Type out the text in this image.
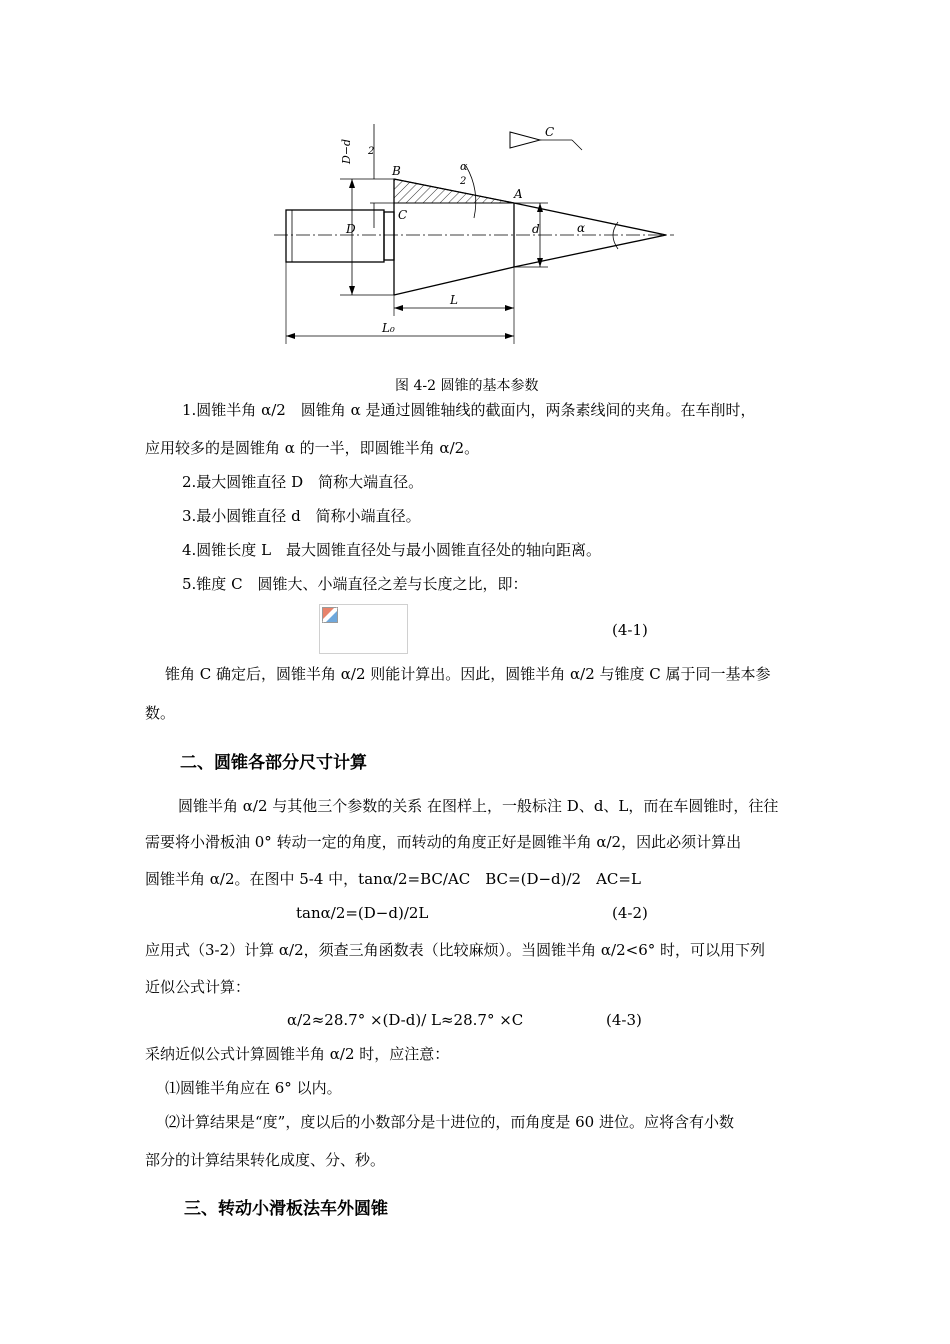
D−d 2
B
C
α
2
A
C
D	d	α
L
L₀
图 4-2 圆锥的基本参数
1.圆锥半角 α/2　圆锥角 α 是通过圆锥轴线的截面内，两条素线间的夹角。在车削时，
应用较多的是圆锥角 α 的一半，即圆锥半角 α/2。
2.最大圆锥直径 D　简称大端直径。
3.最小圆锥直径 d　简称小端直径。
4.圆锥长度 L　最大圆锥直径处与最小圆锥直径处的轴向距离。
5.锥度 C　圆锥大、小端直径之差与长度之比，即：
(4-1)
锥角 C 确定后，圆锥半角 α/2 则能计算出。因此，圆锥半角 α/2 与锥度 C 属于同一基本参
数。
二、圆锥各部分尺寸计算
圆锥半角 α/2 与其他三个参数的关系 在图样上，一般标注 D、d、L，而在车圆锥时，往往
需要将小滑板油 0° 转动一定的角度，而转动的角度正好是圆锥半角 α/2，因此必须计算出
圆锥半角 α/2。在图中 5-4 中，tanα/2=BC/AC　BC=(D−d)/2　AC=L
tanα/2=(D−d)/2L	(4-2)
应用式（3-2）计算 α/2，须查三角函数表（比较麻烦）。当圆锥半角 α/2<6° 时，可以用下列
近似公式计算：
α/2≈28.7° ×(D-d)/ L≈28.7° ×C	(4-3)
采纳近似公式计算圆锥半角 α/2 时，应注意：
⑴圆锥半角应在 6° 以内。
⑵计算结果是“度”，度以后的小数部分是十进位的，而角度是 60 进位。应将含有小数
部分的计算结果转化成度、分、秒。
三、转动小滑板法车外圆锥
